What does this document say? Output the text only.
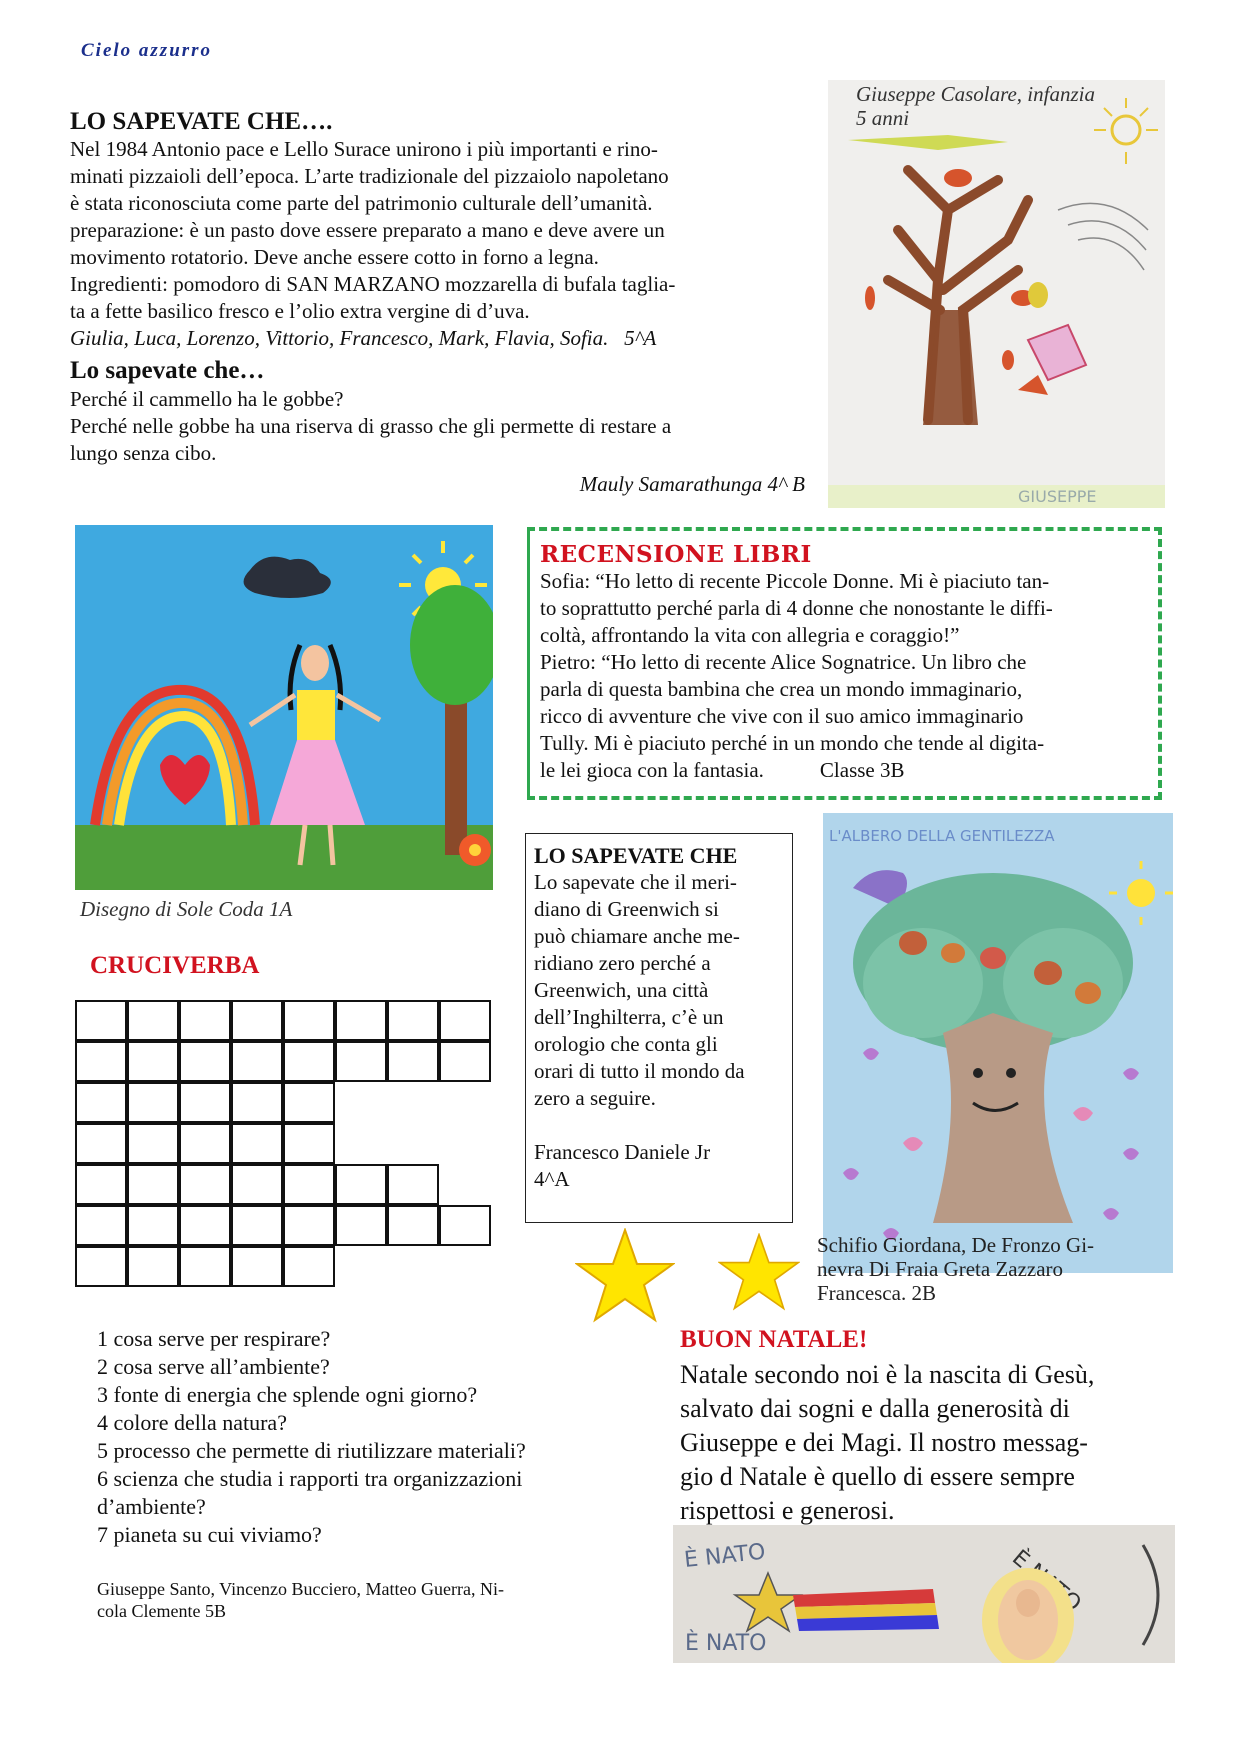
Cielo azzurro
LO SAPEVATE CHE….
Nel 1984 Antonio pace e Lello Surace unirono i più importanti e rino-
minati pizzaioli dell’epoca. L’arte tradizionale del pizzaiolo napoletano
è stata riconosciuta come parte del patrimonio culturale dell’umanità.
preparazione: è un pasto dove essere preparato a mano e deve avere un
movimento rotatorio. Deve anche essere cotto in forno a legna.
Ingredienti: pomodoro di SAN MARZANO mozzarella di bufala taglia-
ta a fette basilico fresco e l’olio extra vergine di d’uva.
Giulia, Luca, Lorenzo, Vittorio, Francesco, Mark, Flavia, Sofia. 5^A
Lo sapevate che…
Perché il cammello ha le gobbe?
Perché nelle gobbe ha una riserva di grasso che gli permette di restare a
lungo senza cibo.
Mauly Samarathunga 4^ B
GIUSEPPE
Giuseppe Casolare, infanzia
5 anni
Disegno di Sole Coda 1A
RECENSIONE LIBRI
Sofia: “Ho letto di recente Piccole Donne. Mi è piaciuto tan-
to soprattutto perché parla di 4 donne che nonostante le diffi-
coltà, affrontando la vita con allegria e coraggio!”
Pietro: “Ho letto di recente Alice Sognatrice. Un libro che
parla di questa bambina che crea un mondo immaginario,
ricco di avventure che vive con il suo amico immaginario
Tully. Mi è piaciuto perché in un mondo che tende al digita-
le lei gioca con la fantasia.	Classe 3B
LO SAPEVATE CHE
Lo sapevate che il meri-
diano di Greenwich si
può chiamare anche me-
ridiano zero perché a
Greenwich, una città
dell’Inghilterra, c’è un
orologio che conta gli
orari di tutto il mondo da
zero a seguire.
Francesco Daniele Jr
4^A
L'ALBERO DELLA GENTILEZZA
Schifio Giordana, De Fronzo Gi-
nevra Di Fraia Greta Zazzaro
Francesca. 2B
CRUCIVERBA
1 cosa serve per respirare?
2 cosa serve all’ambiente?
3 fonte di energia che splende ogni giorno?
4 colore della natura?
5 processo che permette di riutilizzare materiali?
6 scienza che studia i rapporti tra organizzazioni
d’ambiente?
7 pianeta su cui viviamo?
Giuseppe Santo, Vincenzo Bucciero, Matteo Guerra, Ni-
cola Clemente 5B
BUON NATALE!
Natale secondo noi è la nascita di Gesù,
salvato dai sogni e dalla generosità di
Giuseppe e dei Magi. Il nostro messag-
gio d Natale è quello di essere sempre
rispettosi e generosi.
È NATO
È NATO
È
